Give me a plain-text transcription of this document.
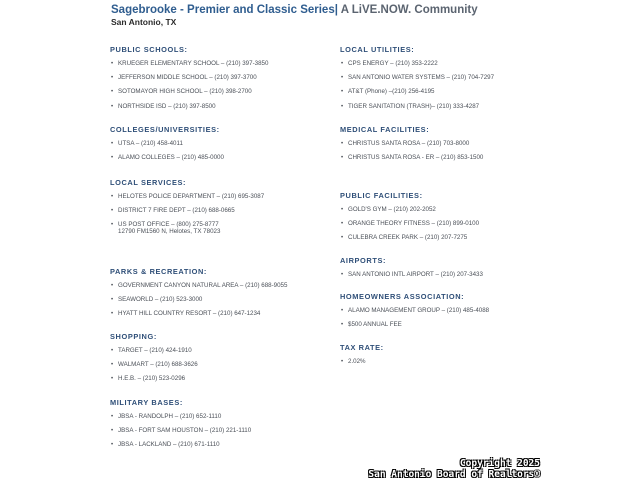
Sagebrooke - Premier and Classic Series| A LiVE.NOW. Community
San Antonio, TX
PUBLIC SCHOOLS:
• KRUEGER ELEMENTARY SCHOOL – (210) 397-3850
• JEFFERSON MIDDLE SCHOOL – (210) 397-3700
• SOTOMAYOR HIGH SCHOOL – (210) 398-2700
• NORTHSIDE ISD – (210) 397-8500
COLLEGES/UNIVERSITIES:
• UTSA – (210) 458-4011
• ALAMO COLLEGES – (210) 485-0000
LOCAL SERVICES:
• HELOTES POLICE DEPARTMENT – (210) 695-3087
• DISTRICT 7 FIRE DEPT – (210) 688-0665
• US POST OFFICE – (800) 275-8777
12790 FM1560 N, Helotes, TX 78023
PARKS & RECREATION:
• GOVERNMENT CANYON NATURAL AREA – (210) 688-9055
• SEAWORLD – (210) 523-3000
• HYATT HILL COUNTRY RESORT – (210) 647-1234
SHOPPING:
• TARGET – (210) 424-1910
• WALMART – (210) 688-3626
• H.E.B. – (210) 523-0296
MILITARY BASES:
• JBSA - RANDOLPH – (210) 652-1110
• JBSA - FORT SAM HOUSTON – (210) 221-1110
• JBSA - LACKLAND – (210) 671-1110
LOCAL UTILITIES:
• CPS ENERGY – (210) 353-2222
• SAN ANTONIO WATER SYSTEMS – (210) 704-7297
• AT&T (Phone) –(210) 256-4195
• TIGER SANITATION (TRASH)– (210) 333-4287
MEDICAL FACILITIES:
• CHRISTUS SANTA ROSA – (210) 703-8000
• CHRISTUS SANTA ROSA - ER – (210) 853-1500
PUBLIC FACILITIES:
• GOLD'S GYM – (210) 202-2052
• ORANGE THEORY FITNESS – (210) 899-0100
• CULEBRA CREEK PARK – (210) 207-7275
AIRPORTS:
• SAN ANTONIO INTL AIRPORT – (210) 207-3433
HOMEOWNERS ASSOCIATION:
• ALAMO MANAGEMENT GROUP – (210) 485-4088
• $500 ANNUAL FEE
TAX RATE:
• 2.02%
Copyright 2025
San Antonio Board of Realtors®
